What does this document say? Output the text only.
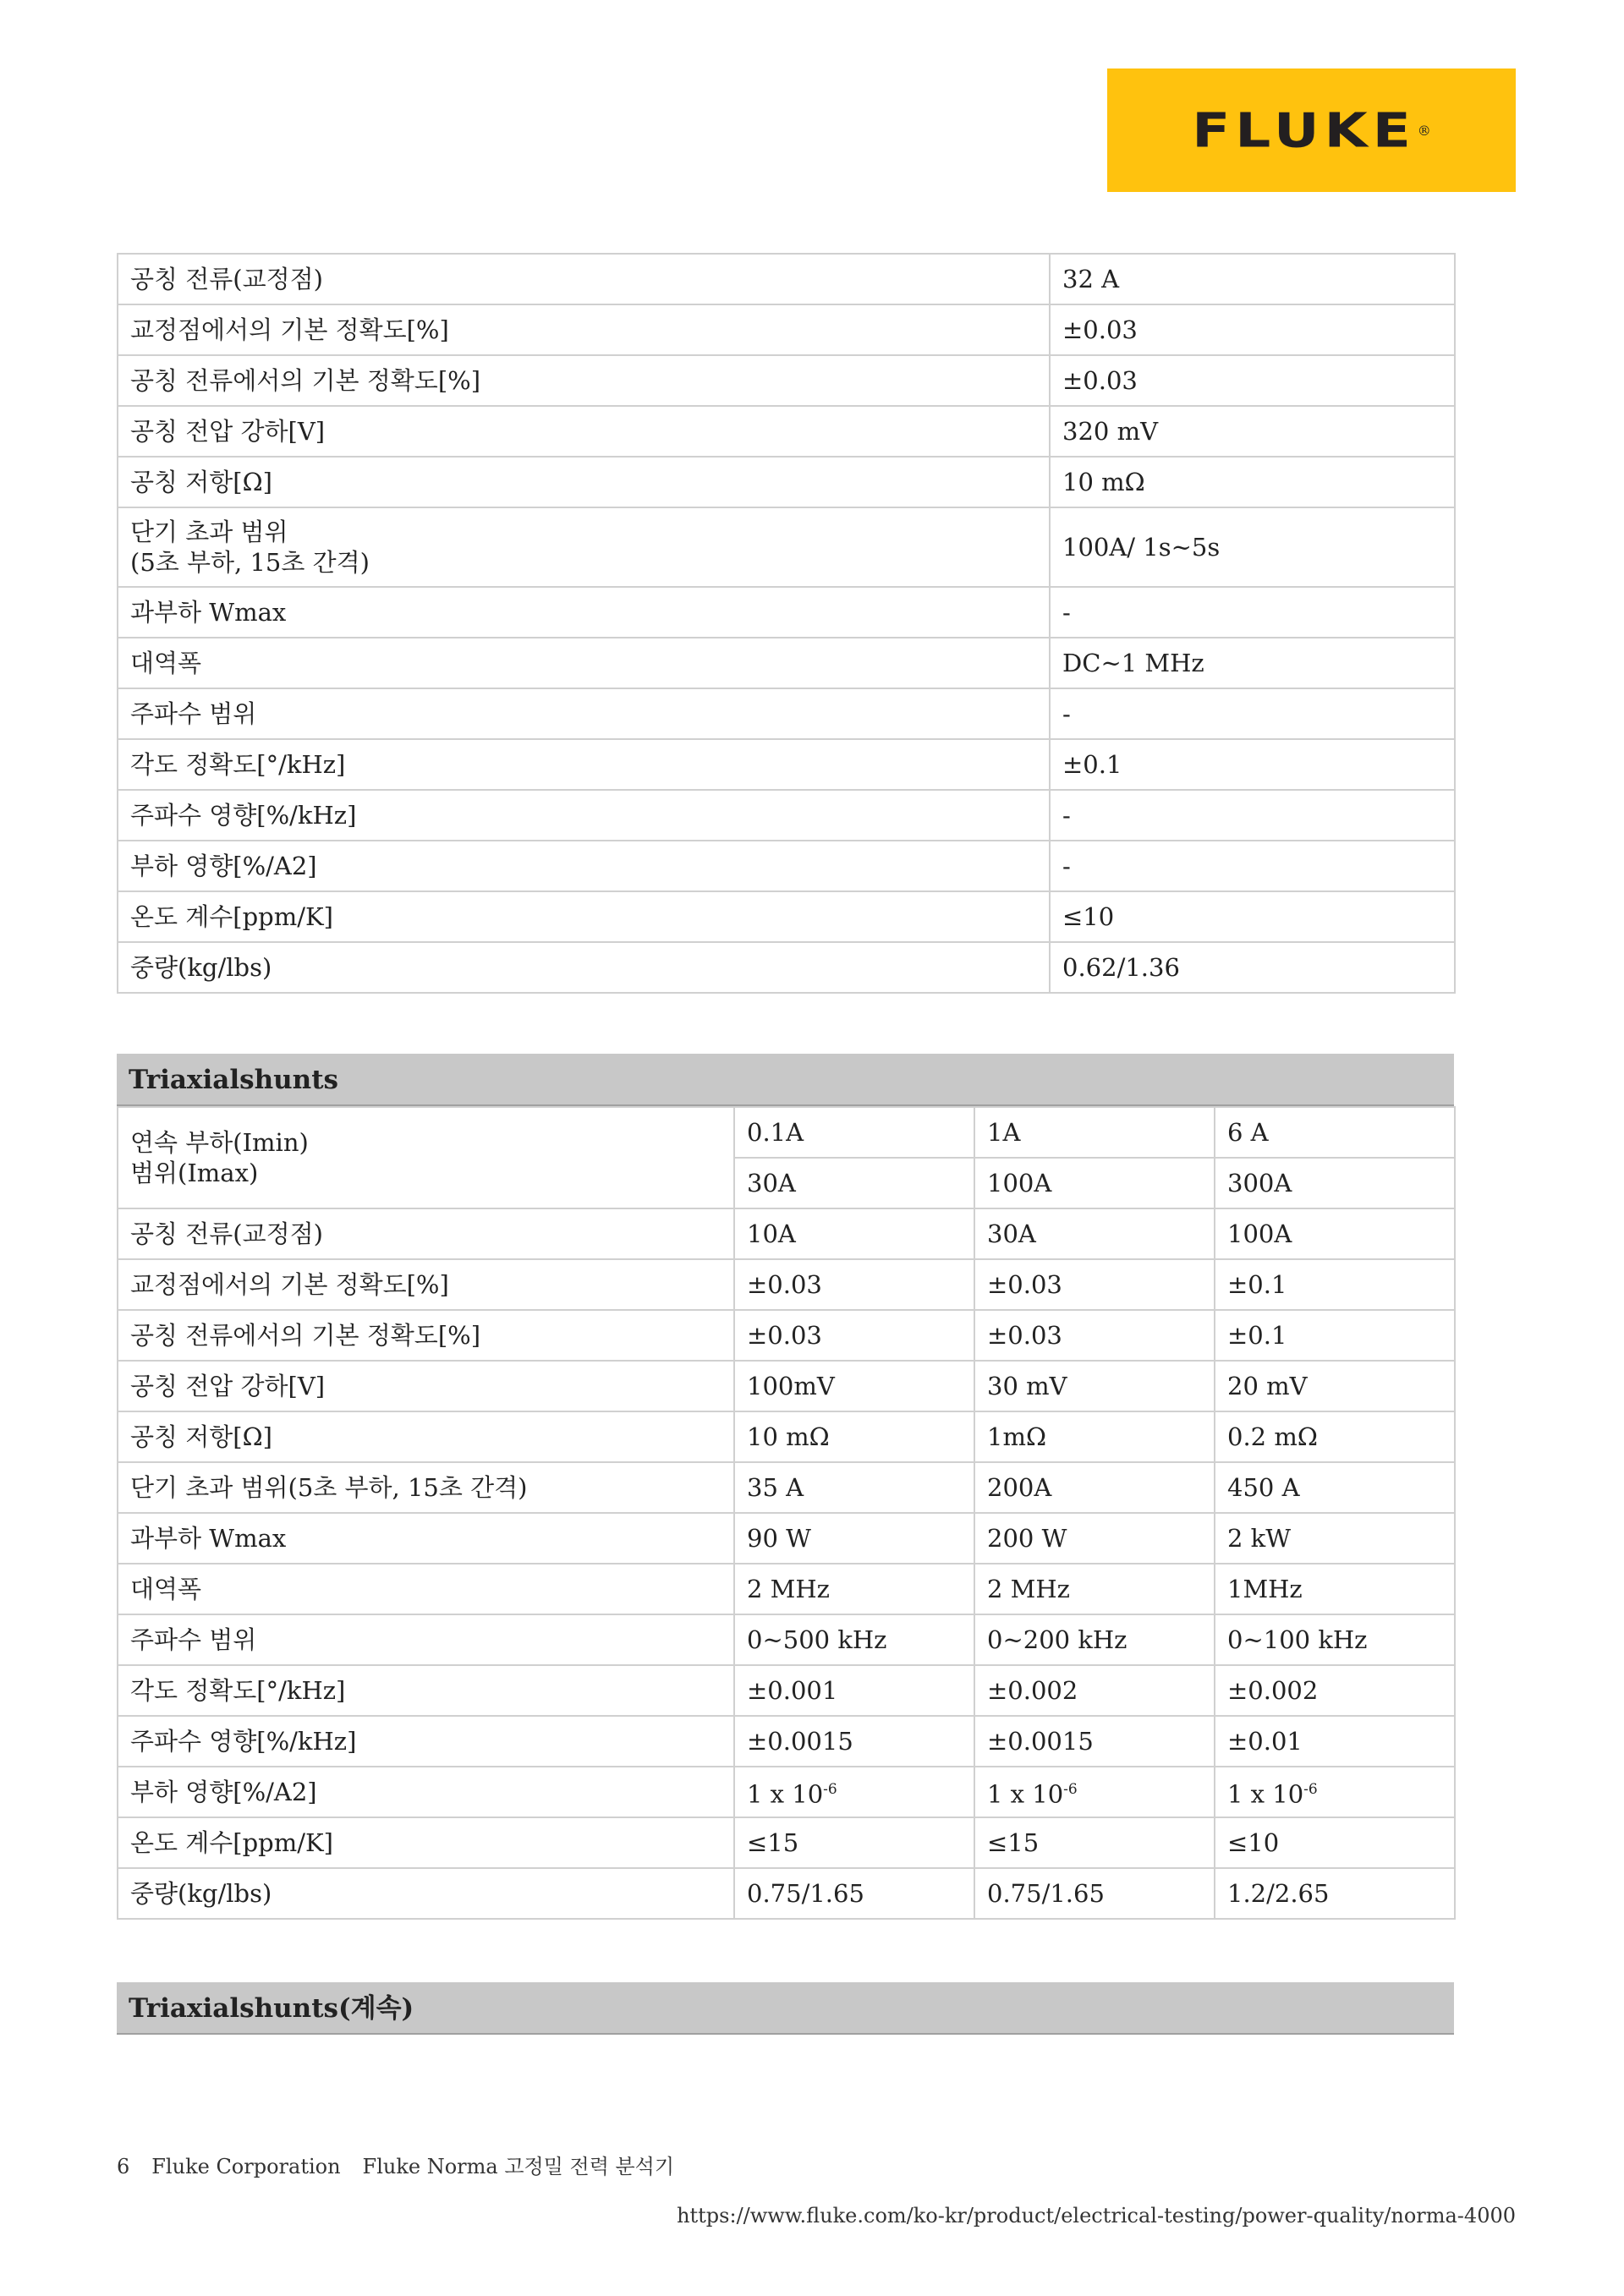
FLUKE ®
공칭 전류(교정점)	32 A
교정점에서의 기본 정확도[%]	±0.03
공칭 전류에서의 기본 정확도[%]	±0.03
공칭 전압 강하[V]	320 mV
공칭 저항[Ω]	10 mΩ

단기 초과 범위
(5초 부하, 15초 간격)	100A/ 1s~5s
과부하 Wmax	-
대역폭	DC~1 MHz
주파수 범위	-
각도 정확도[°/kHz]	±0.1
주파수 영향[%/kHz]	-
부하 영향[%/A2]	-
온도 계수[ppm/K]	≤10
중량(kg/lbs)	0.62/1.36
Triaxialshunts
연속 부하(Imin)
범위(Imax)	0.1A	1A	6 A
	30A	100A	300A
공칭 전류(교정점)	10A	30A	100A
교정점에서의 기본 정확도[%]	±0.03	±0.03	±0.1
공칭 전류에서의 기본 정확도[%]	±0.03	±0.03	±0.1
공칭 전압 강하[V]	100mV	30 mV	20 mV
공칭 저항[Ω]	10 mΩ	1mΩ	0.2 mΩ
단기 초과 범위(5초 부하, 15초 간격)	35 A	200A	450 A
과부하 Wmax	90 W	200 W	2 kW
대역폭	2 MHz	2 MHz	1MHz
주파수 범위	0~500 kHz	0~200 kHz	0~100 kHz
각도 정확도[°/kHz]	±0.001	±0.002	±0.002
주파수 영향[%/kHz]	±0.0015	±0.0015	±0.01
부하 영향[%/A2]	1 x $10^{-6}$	1 x $10^{-6}$	1 x $10^{-6}$
온도 계수[ppm/K]	≤15	≤15	≤10
중량(kg/lbs)	0.75/1.65	0.75/1.65	1.2/2.65
Triaxialshunts(계속)
6 Fluke Corporation Fluke Norma 고정밀 전력 분석기
https://www.fluke.com/ko-kr/product/electrical-testing/power-quality/norma-4000
